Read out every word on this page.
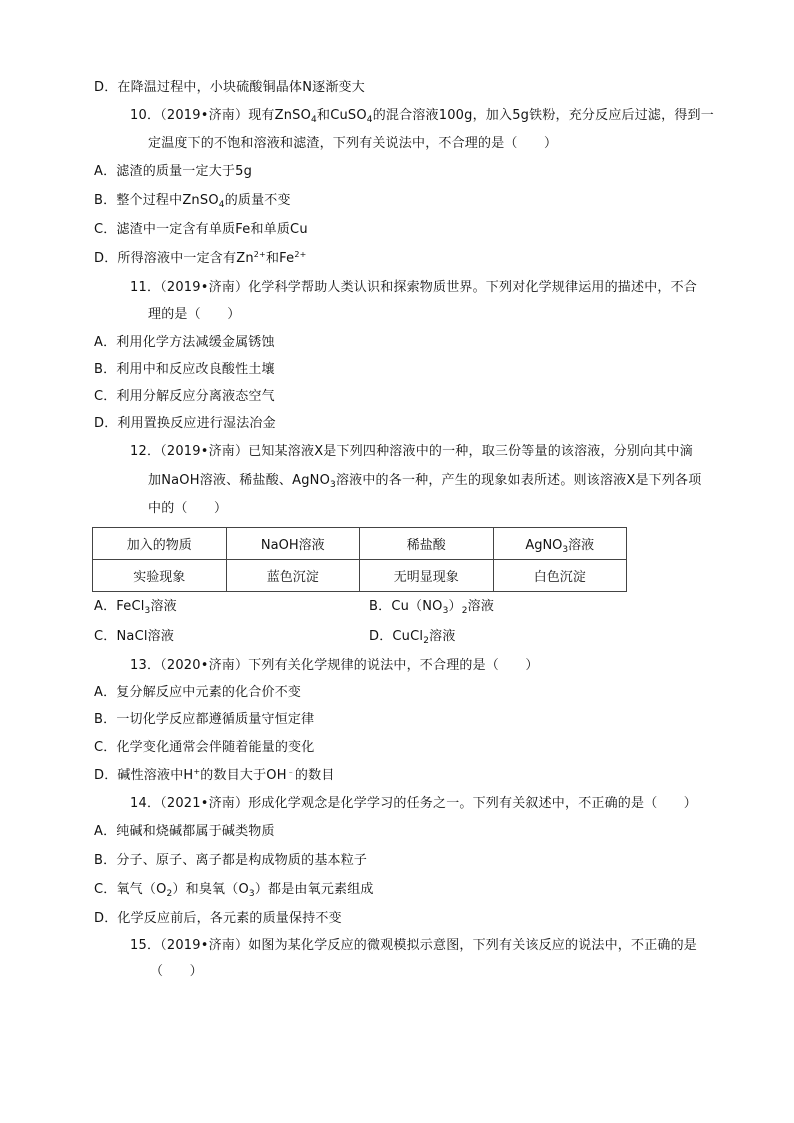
D．在降温过程中，小块硫酸铜晶体N逐渐变大
10．（2019•济南）现有ZnSO$_4$和CuSO$_4$的混合溶液100g，加入5g铁粉，充分反应后过滤，得到一
定温度下的不饱和溶液和滤渣，下列有关说法中，不合理的是（　　）
A．滤渣的质量一定大于5g
B．整个过程中ZnSO$_4$的质量不变
C．滤渣中一定含有单质Fe和单质Cu
D．所得溶液中一定含有$Zn^{2+}$和$Fe^{2+}$
11．（2019•济南）化学科学帮助人类认识和探索物质世界。下列对化学规律运用的描述中，不合
理的是（　　）
A．利用化学方法减缓金属锈蚀
B．利用中和反应改良酸性土壤
C．利用分解反应分离液态空气
D．利用置换反应进行湿法冶金
12．（2019•济南）已知某溶液X是下列四种溶液中的一种，取三份等量的该溶液，分别向其中滴
加NaOH溶液、稀盐酸、AgNO$_3$溶液中的各一种，产生的现象如表所述。则该溶液X是下列各项
中的（　　）
加入的物质	NaOH溶液	稀盐酸	AgNO$_3$溶液
实验现象	蓝色沉淀	无明显现象	白色沉淀
A．FeCl$_3$溶液	B．$Cu(NO_3)_2$溶液
C．NaCl溶液	D．CuCl$_2$溶液
13．（2020•济南）下列有关化学规律的说法中，不合理的是（　　）
A．复分解反应中元素的化合价不变
B．一切化学反应都遵循质量守恒定律
C．化学变化通常会伴随着能量的变化
D．碱性溶液中H+的数目大于OH﹣的数目
14．（2021•济南）形成化学观念是化学学习的任务之一。下列有关叙述中，不正确的是（　　）
A．纯碱和烧碱都属于碱类物质
B．分子、原子、离子都是构成物质的基本粒子
C．氧气$(O_2)$和臭氧$(O_3)$都是由氧元素组成
D．化学反应前后，各元素的质量保持不变
15．（2019•济南）如图为某化学反应的微观模拟示意图，下列有关该反应的说法中，不正确的是
（　　）
